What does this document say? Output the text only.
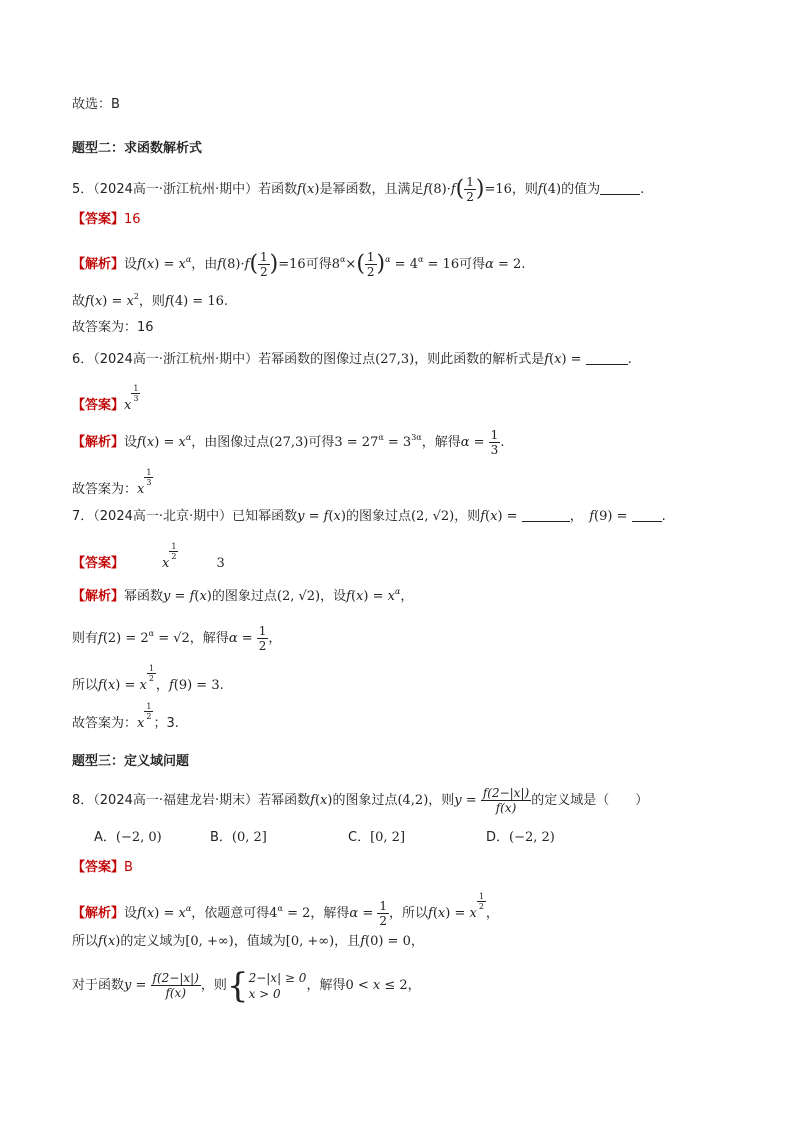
故选：B
题型二：求函数解析式
5．（2024高一·浙江杭州·期中）若函数f(x)是幂函数，且满足$f(8)\cdot f( \frac{1}{2} )=16$，则f(4)的值为	.
【答案】16
【解析】设$f(x) = x^\alpha$，由$f(8)\cdot f( \frac{1}{2} )=16$可得$8^\alpha\times( \frac{1}{2} )^\alpha = 4^\alpha = 16$可得α = 2.
故$f(x) = x^2$，则f(4) = 16.
故答案为：16
6．（2024高一·浙江杭州·期中）若幂函数的图像过点(27,3)，则此函数的解析式是f(x) =	.
【答案】x
$\frac{1}{3}$
【解析】设$f(x) = x^\alpha$，由图像过点(27,3)可得$3 = 27^\alpha = 3^{3\alpha}$，解得$\alpha = \frac{1}{3}$ .
故答案为：x
$\frac{1}{3}$
7．（2024高一·北京·期中）已知幂函数y = f(x)的图象过点(2, √2)，则f(x) =	，　f(9) = .
【答案】	x
$\frac{1}{2}$
3
【解析】幂函数y = f(x)的图象过点(2, √2)，设$f(x) = x^\alpha$，
则有$f(2) = 2^\alpha = √2$，解得$\alpha = \frac{1}{2}$ ，
所以f(x) = x
$\frac{1}{2}$
，f(9) = 3.
故答案为：x
$\frac{1}{2}$
；3.
题型三：定义域问题
8．（2024高一·福建龙岩·期末）若幂函数f(x)的图象过点(4,2)，则$y = \frac{f(2-|x|)}{f(x)}$ 的定义域是（　　）
A．(−2, 0)	B．(0, 2]	C．[0, 2]	D．(−2, 2)
【答案】B
【解析】设$f(x) = x^\alpha$，依题意可得$4^\alpha = 2$，解得$\alpha = \frac{1}{2}$ ，所以f(x) = x
$\frac{1}{2}$
，
所以f(x)的定义域为[0, +∞)，值域为[0, +∞)，且f(0) = 0，
对于函数$y = \frac{f(2-|x|)}{f(x)}$ ，则{ 2−|x| ≥ 0
x > 0
，解得0 < x ≤ 2，
